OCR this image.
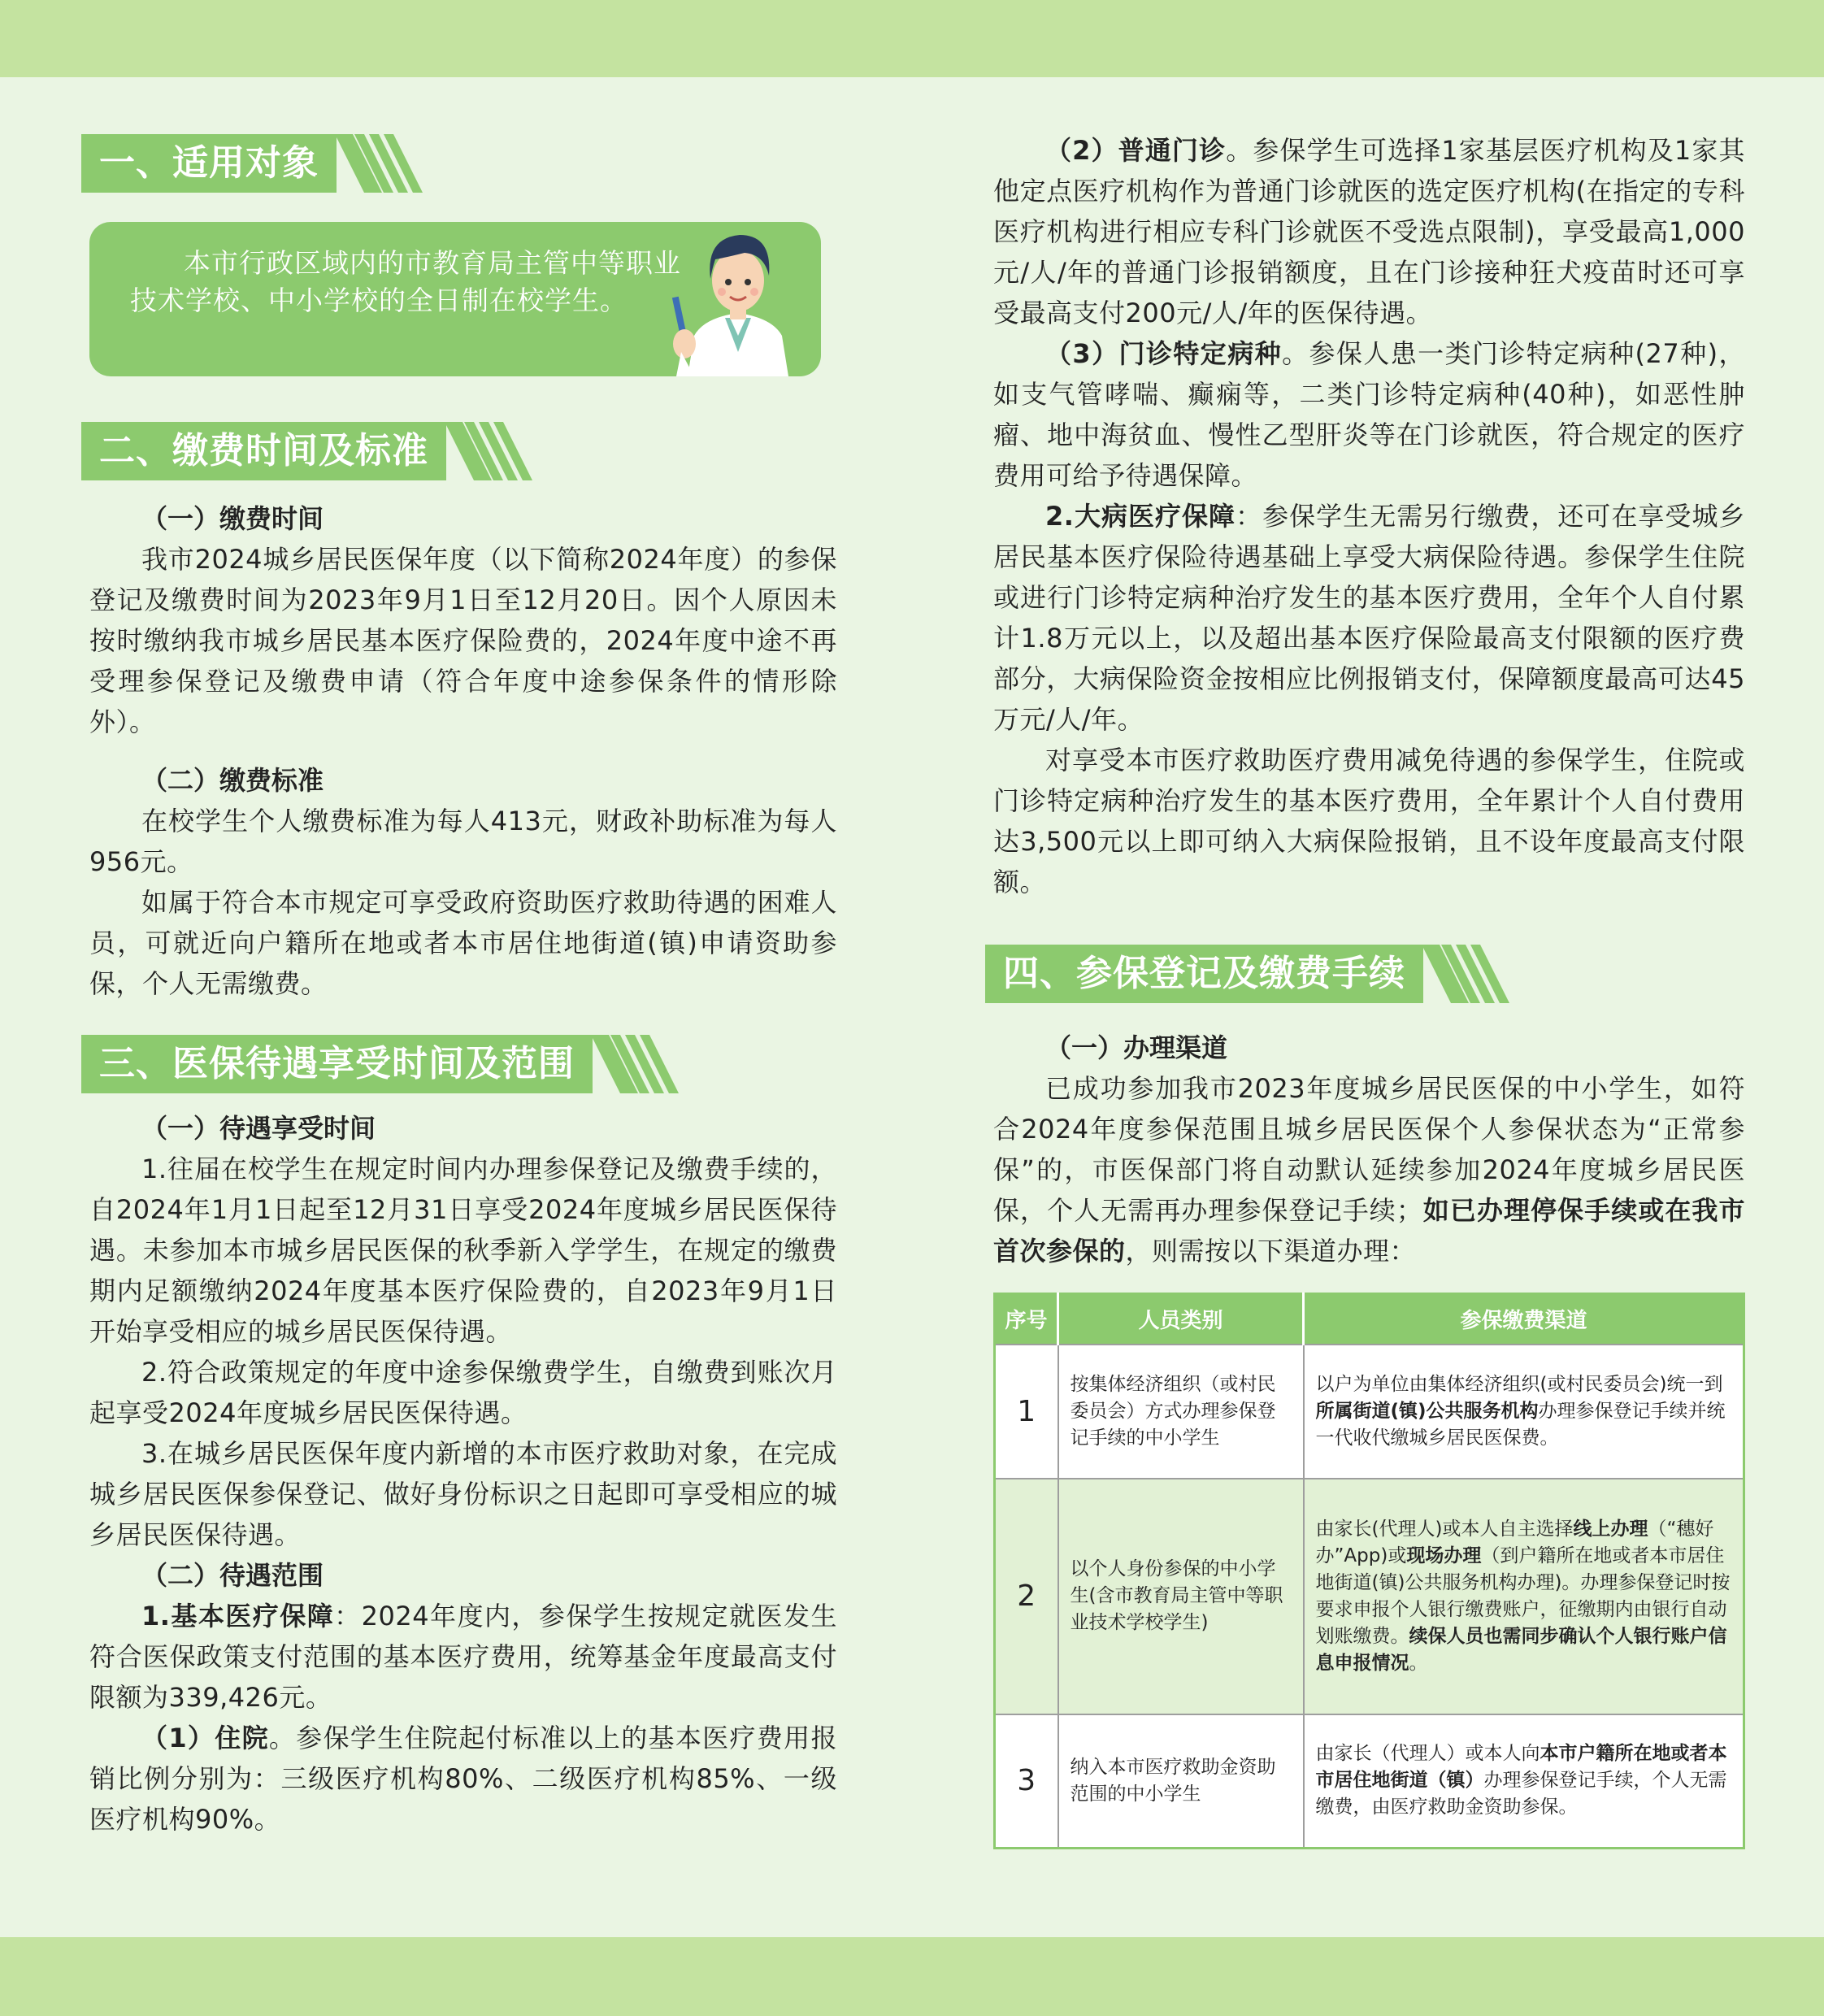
一、适用对象
本市行政区域内的市教育局主管中等职业技术学校、中小学校的全日制在校学生。
二、缴费时间及标准

（一）缴费时间

我市2024城乡居民医保年度（以下简称2024年度）的参保登记及缴费时间为2023年9月1日至12月20日。因个人原因未按时缴纳我市城乡居民基本医疗保险费的，2024年度中途不再受理参保登记及缴费申请（符合年度中途参保条件的情形除外）。

（二）缴费标准

在校学生个人缴费标准为每人413元，财政补助标准为每人956元。

如属于符合本市规定可享受政府资助医疗救助待遇的困难人员，可就近向户籍所在地或者本市居住地街道(镇)申请资助参保，个人无需缴费。

三、医保待遇享受时间及范围

（一）待遇享受时间

1.往届在校学生在规定时间内办理参保登记及缴费手续的，自2024年1月1日起至12月31日享受2024年度城乡居民医保待遇。未参加本市城乡居民医保的秋季新入学学生，在规定的缴费期内足额缴纳2024年度基本医疗保险费的，自2023年9月1日开始享受相应的城乡居民医保待遇。

2.符合政策规定的年度中途参保缴费学生，自缴费到账次月起享受2024年度城乡居民医保待遇。

3.在城乡居民医保年度内新增的本市医疗救助对象，在完成城乡居民医保参保登记、做好身份标识之日起即可享受相应的城乡居民医保待遇。

（二）待遇范围

1.基本医疗保障：2024年度内，参保学生按规定就医发生符合医保政策支付范围的基本医疗费用，统筹基金年度最高支付限额为339,426元。

（1）住院。参保学生住院起付标准以上的基本医疗费用报销比例分别为：三级医疗机构80%、二级医疗机构85%、一级医疗机构90%。

（2）普通门诊。参保学生可选择1家基层医疗机构及1家其他定点医疗机构作为普通门诊就医的选定医疗机构(在指定的专科医疗机构进行相应专科门诊就医不受选点限制)，享受最高1,000元/人/年的普通门诊报销额度，且在门诊接种狂犬疫苗时还可享受最高支付200元/人/年的医保待遇。

（3）门诊特定病种。参保人患一类门诊特定病种(27种)，如支气管哮喘、癫痫等，二类门诊特定病种(40种)，如恶性肿瘤、地中海贫血、慢性乙型肝炎等在门诊就医，符合规定的医疗费用可给予待遇保障。

2.大病医疗保障：参保学生无需另行缴费，还可在享受城乡居民基本医疗保险待遇基础上享受大病保险待遇。参保学生住院或进行门诊特定病种治疗发生的基本医疗费用，全年个人自付累计1.8万元以上，以及超出基本医疗保险最高支付限额的医疗费部分，大病保险资金按相应比例报销支付，保障额度最高可达45万元/人/年。

对享受本市医疗救助医疗费用减免待遇的参保学生，住院或门诊特定病种治疗发生的基本医疗费用，全年累计个人自付费用达3,500元以上即可纳入大病保险报销，且不设年度最高支付限额。

四、参保登记及缴费手续

（一）办理渠道

已成功参加我市2023年度城乡居民医保的中小学生，如符合2024年度参保范围且城乡居民医保个人参保状态为“正常参保”的，市医保部门将自动默认延续参加2024年度城乡居民医保，个人无需再办理参保登记手续；如已办理停保手续或在我市首次参保的，则需按以下渠道办理：

序号	人员类别	参保缴费渠道
1	按集体经济组织（或村民委员会）方式办理参保登记手续的中小学生	以户为单位由集体经济组织(或村民委员会)统一到所属街道(镇)公共服务机构办理参保登记手续并统一代收代缴城乡居民医保费。
2	以个人身份参保的中小学生(含市教育局主管中等职业技术学校学生)	由家长(代理人)或本人自主选择线上办理（“穗好办”App)或现场办理（到户籍所在地或者本市居住地街道(镇)公共服务机构办理)。办理参保登记时按要求申报个人银行缴费账户，征缴期内由银行自动划账缴费。续保人员也需同步确认个人银行账户信息申报情况。
3	纳入本市医疗救助金资助范围的中小学生	由家长（代理人）或本人向本市户籍所在地或者本市居住地街道（镇）办理参保登记手续，个人无需缴费，由医疗救助金资助参保。
